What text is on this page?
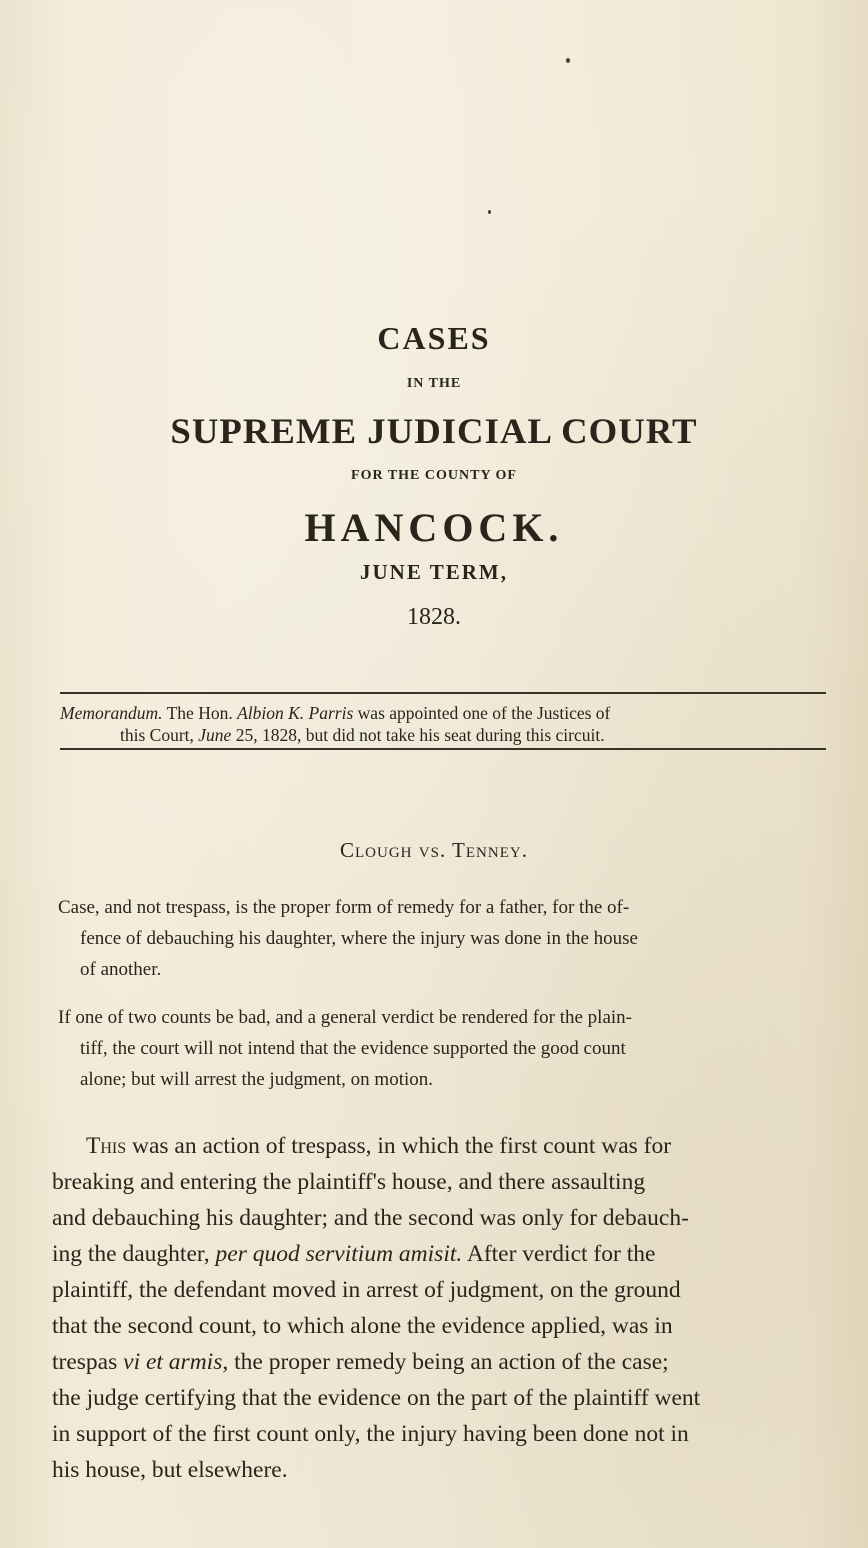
CASES
IN THE
SUPREME JUDICIAL COURT
FOR THE COUNTY OF
HANCOCK.
JUNE TERM,
1828.
Memorandum. The Hon. Albion K. Parris was appointed one of the Justices of
this Court, June 25, 1828, but did not take his seat during this circuit.
Clough vs. Tenney.
Case, and not trespass, is the proper form of remedy for a father, for the of-
fence of debauching his daughter, where the injury was done in the house
of another.
If one of two counts be bad, and a general verdict be rendered for the plain-
tiff, the court will not intend that the evidence supported the good count
alone; but will arrest the judgment, on motion.
This was an action of trespass, in which the first count was for
breaking and entering the plaintiff's house, and there assaulting
and debauching his daughter; and the second was only for debauch-
ing the daughter, per quod servitium amisit. After verdict for the
plaintiff, the defendant moved in arrest of judgment, on the ground
that the second count, to which alone the evidence applied, was in
trespas vi et armis, the proper remedy being an action of the case;
the judge certifying that the evidence on the part of the plaintiff went
in support of the first count only, the injury having been done not in
his house, but elsewhere.
